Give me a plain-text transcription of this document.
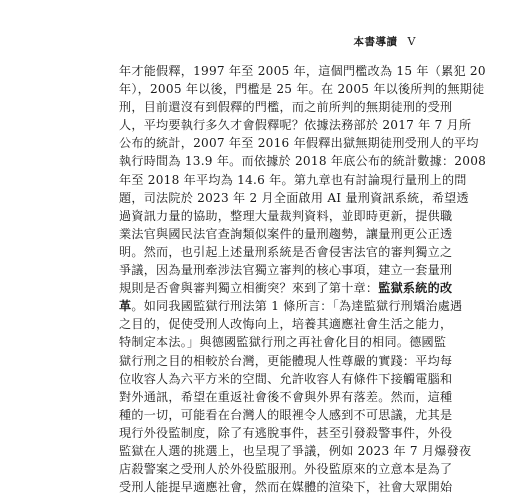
本書導讀 V
年才能假釋，1997 年至 2005 年，這個門檻改為 15 年（累犯 20
年），2005 年以後，門檻是 25 年。在 2005 年以後所判的無期徒
刑，目前還沒有到假釋的門檻，而之前所判的無期徒刑的受刑
人，平均要執行多久才會假釋呢？依據法務部於 2017 年 7 月所
公布的統計，2007 年至 2016 年假釋出獄無期徒刑受刑人的平均
執行時間為 13.9 年。而依據於 2018 年底公布的統計數據：2008
年至 2018 年平均為 14.6 年。第九章也有討論現行量刑上的問
題，司法院於 2023 年 2 月全面啟用 AI 量刑資訊系統，希望透
過資訊力量的協助，整理大量裁判資料，並即時更新，提供職
業法官與國民法官查詢類似案件的量刑趨勢，讓量刑更公正透
明。然而，也引起上述量刑系統是否會侵害法官的審判獨立之
爭議，因為量刑牽涉法官獨立審判的核心事項，建立一套量刑
規則是否會與審判獨立相衝突？來到了第十章：監獄系統的改
革。如同我國監獄行刑法第 1 條所言：「為達監獄行刑矯治處遇
之目的，促使受刑人改悔向上，培養其適應社會生活之能力，
特制定本法。」與德國監獄行刑之再社會化目的相同。德國監
獄行刑之目的相較於台灣，更能體現人性尊嚴的實踐：平均每
位收容人為六平方米的空間、允許收容人有條件下接觸電腦和
對外通訊，希望在重返社會後不會與外界有落差。然而，這種
種的一切，可能看在台灣人的眼裡令人感到不可思議，尤其是
現行外役監制度，除了有逃脫事件，甚至引發殺警事件，外役
監獄在人選的挑選上，也呈現了爭議，例如 2023 年 7 月爆發夜
店殺警案之受刑人於外役監服刑。外役監原來的立意本是為了
受刑人能提早適應社會，然而在媒體的渲染下，社會大眾開始
